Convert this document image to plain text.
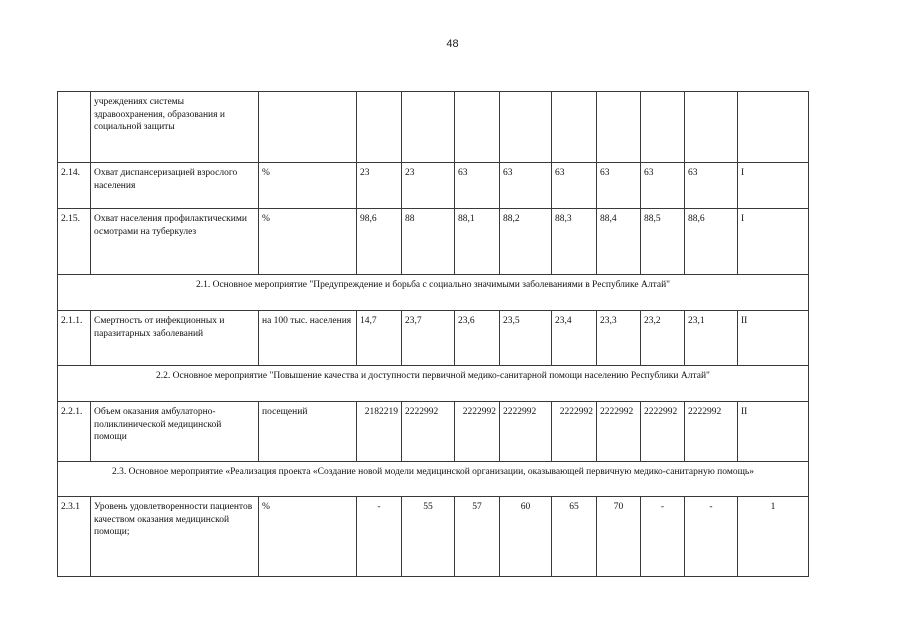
48
	учреждениях системы здравоохранения, образования и социальной защиты										
2.14.	Охват диспансеризацией взрослого населения	%	23	23	63	63	63	63	63	63	I
2.15.	Охват населения профилактическими осмотрами на туберкулез	%	98,6	88	88,1	88,2	88,3	88,4	88,5	88,6	I
2.1. Основное мероприятие "Предупреждение и борьба с социально значимыми заболеваниями в Республике Алтай"											
2.1.1.	Смертность от инфекционных и паразитарных заболеваний	на 100 тыс. населения	14,7	23,7	23,6	23,5	23,4	23,3	23,2	23,1	II
2.2. Основное мероприятие "Повышение качества и доступности первичной медико-санитарной помощи населению Республики Алтай"											
2.2.1.	Объем оказания амбулаторно-поликлинической медицинской помощи	посещений	2182219	2222992	2222992	2222992	2222992	2222992	2222992	2222992	II
2.3. Основное мероприятие «Реализация проекта «Создание новой модели медицинской организации, оказывающей первичную медико-санитарную помощь»											
2.3.1	Уровень удовлетворенности пациентов качеством оказания медицинской помощи;	%	-	55	57	60	65	70	-	-	1
